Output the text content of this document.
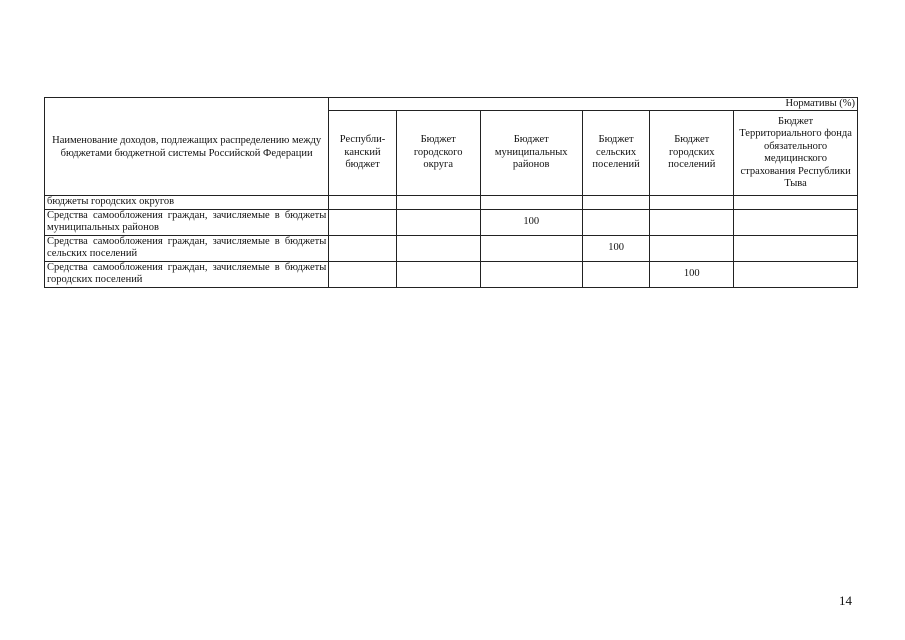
Наименование доходов, подлежащих распределению между бюджетами бюджетной системы Российской Федерации	Нормативы (%)					
	Республи-канский бюджет	Бюджет городского округа	Бюджет муниципальных районов	Бюджет сельских поселений	Бюджет городских поселений	Бюджет Территориального фонда обязательного медицинского страхования Республики Тыва
бюджеты городских округов						
Средства самообложения граждан, зачисляемые в бюджеты муниципальных районов			100			
Средства самообложения граждан, зачисляемые в бюджеты сельских поселений				100		
Средства самообложения граждан, зачисляемые в бюджеты городских поселений					100	
14
